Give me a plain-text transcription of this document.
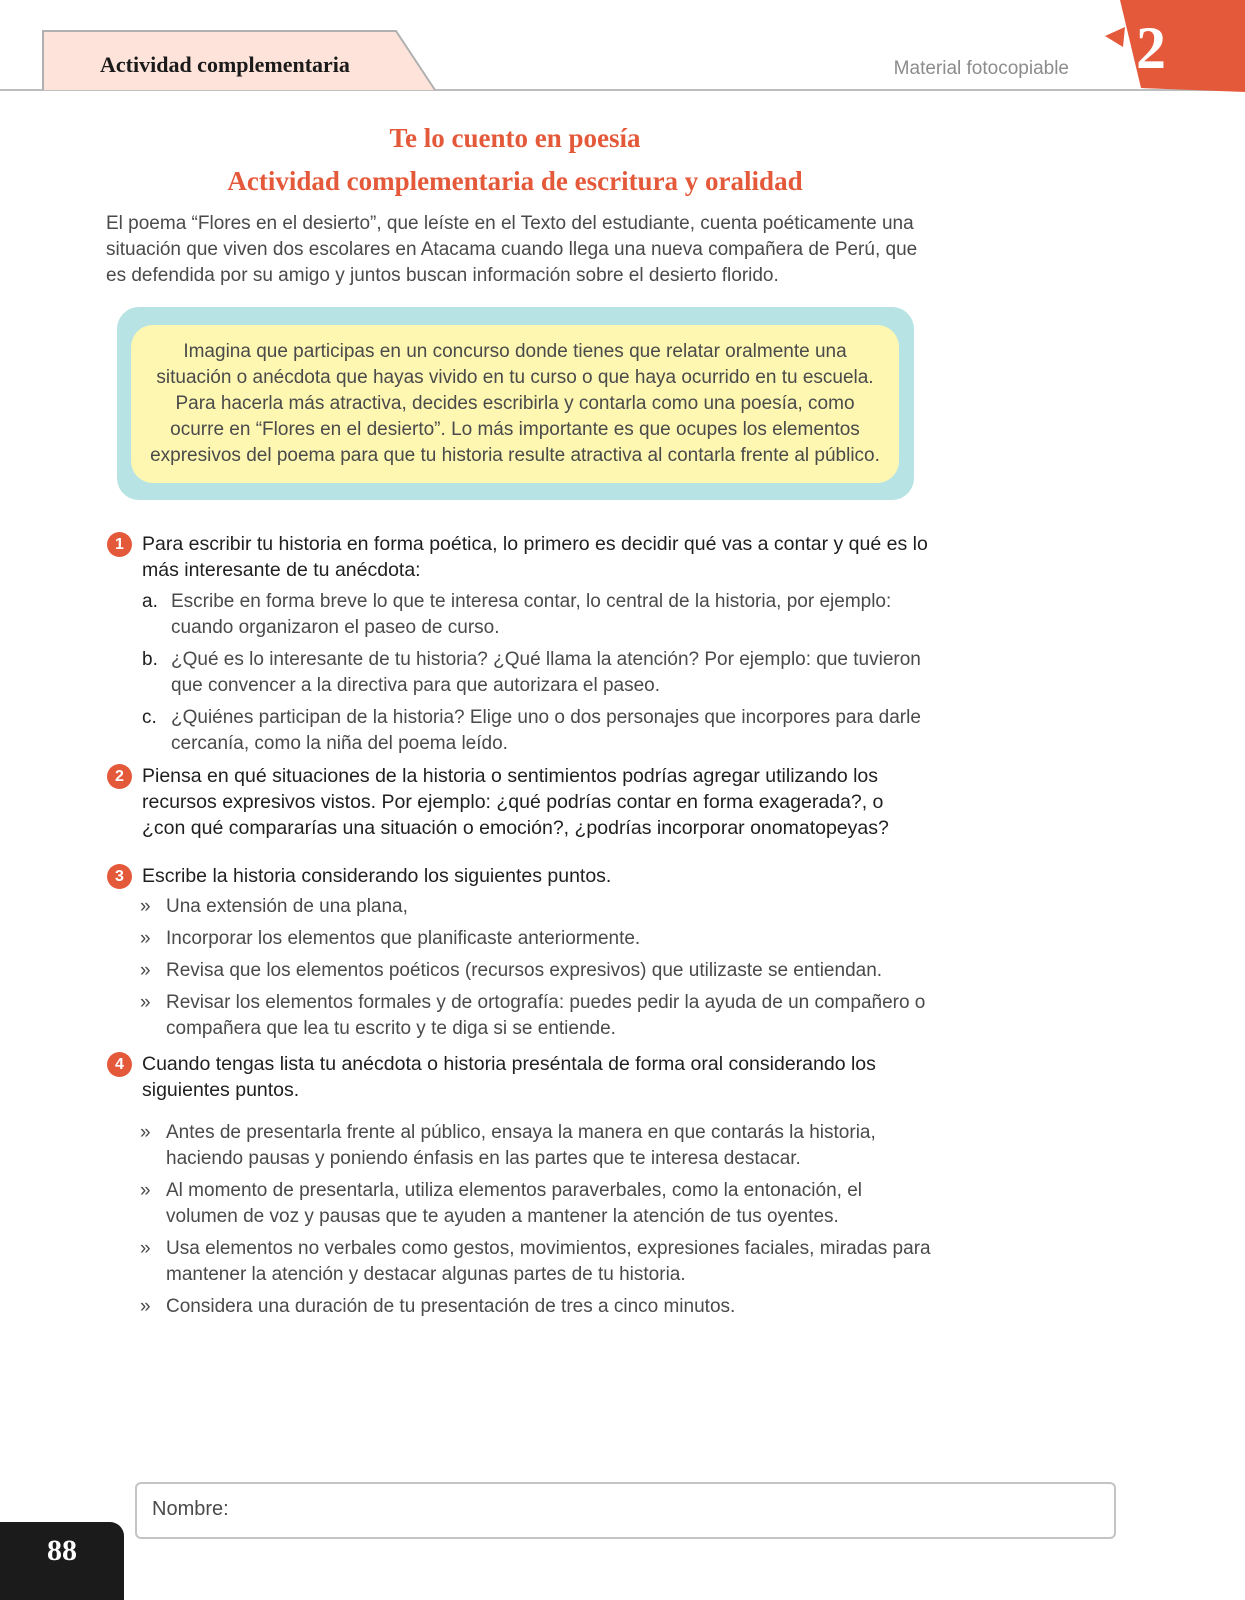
Actividad complementaria	Material fotocopiable	2
Te lo cuento en poesía
Actividad complementaria de escritura y oralidad

El poema “Flores en el desierto”, que leíste en el Texto del estudiante, cuenta poéticamente una situación que viven dos escolares en Atacama cuando llega una nueva compañera de Perú, que es defendida por su amigo y juntos buscan información sobre el desierto florido.

Imagina que participas en un concurso donde tienes que relatar oralmente una situación o anécdota que hayas vivido en tu curso o que haya ocurrido en tu escuela. Para hacerla más atractiva, decides escribirla y contarla como una poesía, como ocurre en “Flores en el desierto”. Lo más importante es que ocupes los elementos expresivos del poema para que tu historia resulte atractiva al contarla frente al público.

1 Para escribir tu historia en forma poética, lo primero es decidir qué vas a contar y qué es lo más interesante de tu anécdota:

a. Escribe en forma breve lo que te interesa contar, lo central de la historia, por ejemplo: cuando organizaron el paseo de curso.

b. ¿Qué es lo interesante de tu historia? ¿Qué llama la atención? Por ejemplo: que tuvieron que convencer a la directiva para que autorizara el paseo.

c. ¿Quiénes participan de la historia? Elige uno o dos personajes que incorpores para darle cercanía, como la niña del poema leído.

2 Piensa en qué situaciones de la historia o sentimientos podrías agregar utilizando los recursos expresivos vistos. Por ejemplo: ¿qué podrías contar en forma exagerada?, o ¿con qué compararías una situación o emoción?, ¿podrías incorporar onomatopeyas?

3 Escribe la historia considerando los siguientes puntos.

» Una extensión de una plana,

» Incorporar los elementos que planificaste anteriormente.

» Revisa que los elementos poéticos (recursos expresivos) que utilizaste se entiendan.

» Revisar los elementos formales y de ortografía: puedes pedir la ayuda de un compañero o compañera que lea tu escrito y te diga si se entiende.

4 Cuando tengas lista tu anécdota o historia preséntala de forma oral considerando los siguientes puntos.

» Antes de presentarla frente al público, ensaya la manera en que contarás la historia, haciendo pausas y poniendo énfasis en las partes que te interesa destacar.

» Al momento de presentarla, utiliza elementos paraverbales, como la entonación, el volumen de voz y pausas que te ayuden a mantener la atención de tus oyentes.

» Usa elementos no verbales como gestos, movimientos, expresiones faciales, miradas para mantener la atención y destacar algunas partes de tu historia.

» Considera una duración de tu presentación de tres a cinco minutos.

Nombre:
88
